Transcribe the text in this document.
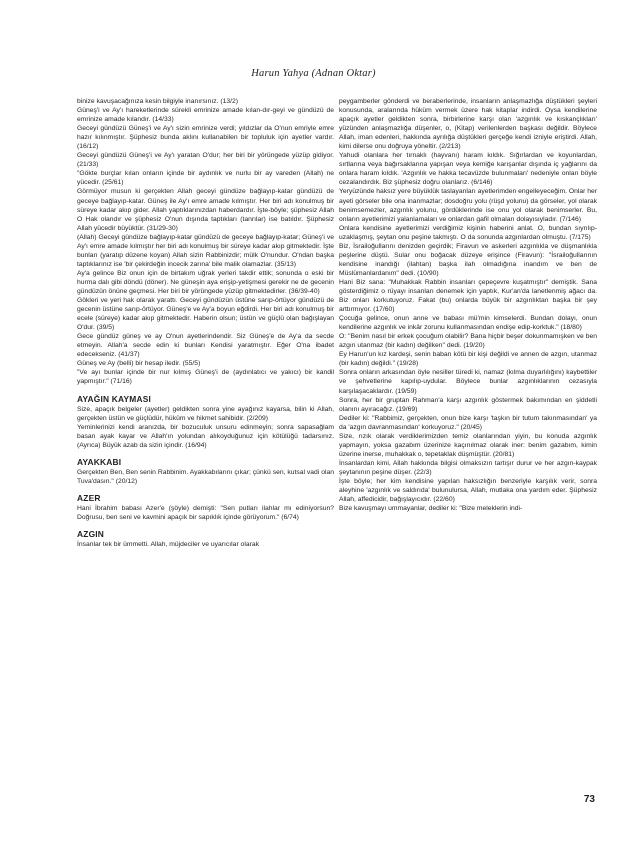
Harun Yahya (Adnan Oktar)

binize kavuşacağınıza kesin bilgiyle inanırsınız. (13/2)

Güneş'i ve Ay'ı hareketlerinde sürekli emrinize amade kılan-dır-geyi ve gündüzü de emrinize amade kılandır. (14/33)

Geceyi gündüzü Güneş'i ve Ay'ı sizin emrinize verdi; yıldızlar da O'nun emriyle emre hazır kılınmıştır. Şüphesiz bunda aklını kullanabilen bir topluluk için ayetler vardır. (16/12)

Geceyi gündüzü Güneş'i ve Ay'ı yaratan O'dur; her biri bir yörüngede yüzüp gidiyor. (21/33)

"Gökte burçlar kılan onların içinde bir aydınlık ve nurlu bir ay vareden (Allah) ne yücedir. (25/61)

Görmüyor musun ki gerçekten Allah geceyi gündüze bağlayıp-katar gündüzü de geceye bağlayıp-katar. Güneş ile Ay'ı emre amade kılmıştır. Her biri adı konulmuş bir süreye kadar akıp gider. Allah yaptıklarınızdan haberdardır. İşte-böyle; şüphesiz Allah O Hak olandır ve şüphesiz O'nun dışında taptıkları (tanrılar) ise batıldır. Şüphesiz Allah yücedir büyüktür. (31/29-30)

(Allah) Geceyi gündüze bağlayıp-katar gündüzü de geceye bağlayıp-katar; Güneş'i ve Ay'ı emre amade kılmıştır her biri adı konulmuş bir süreye kadar akıp gitmektedir. İşte bunları (yaratıp düzene koyan) Allah sizin Rabbinizdir; mülk O'nundur. O'ndan başka taptıklarınız ise 'bir çekirdeğin incecik zarına' bile malik olamazlar. (35/13)

Ay'a gelince Biz onun için de birtakım uğrak yerleri takdir ettik; sonunda o eski bir hurma dalı gibi döndü (döner). Ne güneşin aya erişip-yetişmesi gerekir ne de gecenin gündüzün önüne geçmesi. Her biri bir yörüngede yüzüp gitmektedirler. (36/39-40)

Gökleri ve yeri hak olarak yarattı. Geceyi gündüzün üstüne sarıp-örtüyor gündüzü de gecenin üstüne sarıp-örtüyor. Güneş'e ve Ay'a boyun eğdirdi. Her biri adı konulmuş bir ecele (süreye) kadar akıp gitmektedir. Haberin olsun; üstün ve güçlü olan bağışlayan O'dur. (39/5)

Gece gündüz güneş ve ay O'nun ayetlerindendir. Siz Güneş'e de Ay'a da secde etmeyin. Allah'a secde edin ki bunları Kendisi yaratmıştır. Eğer O'na ibadet edecekseniz. (41/37)

Güneş ve Ay (belli) bir hesap iledir. (55/5)

"Ve ayı bunlar içinde bir nur kılmış Güneş'i de (aydınlatıcı ve yakıcı) bir kandil yapmıştır." (71/16)

AYAĞIN KAYMASI

Size, apaçık belgeler (ayetler) geldikten sonra yine ayağınız kayarsa, bilin ki Allah, gerçekten üstün ve güçlüdür, hüküm ve hikmet sahibidir. (2/209)

Yeminlerinizi kendi aranızda, bir bozuculuk unsuru edinmeyin; sonra sapasağlam basan ayak kayar ve Allah'ın yolundan alıkoyduğunuz için kötülüğü tadarsınız. (Ayrıca) Büyük azab da sizin içindir. (16/94)

AYAKKABI

Gerçekten Ben, Ben senin Rabbinim. Ayakkabılarını çıkar; çünkü sen, kutsal vadi olan Tuva'dasın." (20/12)

AZER

Hani İbrahim babası Azer'e (şöyle) demişti: "Sen putları ilahlar mı ediniyorsun? Doğrusu, ben seni ve kavmini apaçık bir sapıklık içinde görüyorum." (6/74)

AZGIN

İnsanlar tek bir ümmetti. Allah, müjdeciler ve uyarıcılar olarak

peygamberler gönderdi ve beraberlerinde, insanların anlaşmazlığa düştükleri şeyleri konusunda, aralarında hüküm vermek üzere hak kitaplar indirdi. Oysa kendilerine apaçık ayetler geldikten sonra, birbirlerine karşı olan 'azgınlık ve kıskançlıkları' yüzünden anlaşmazlığa düşenler, o, (Kitap) verilenlerden başkası değildir. Böylece Allah, iman edenleri, hakkında ayrılığa düştükleri gerçeğe kendi izniyle eriştirdi. Allah, kimi dilerse onu doğruya yöneltir. (2/213)

Yahudi olanlara her tırnaklı (hayvanı) haram kıldık. Sığırlardan ve koyunlardan, sırtlarına veya bağırsaklarına yapışan veya kemiğe karışanlar dışında iç yağlarını da onlara haram kıldık. 'Azgınlık ve hakka tecavüzde bulunmaları' nedeniyle onları böyle cezalandırdık. Biz şüphesiz doğru olanlarız. (6/146)

Yeryüzünde haksız yere büyüklük taslayanları ayetlerimden engelleyeceğim. Onlar her ayeti görseler bile ona inanmazlar; dosdoğru yolu (rüşd yolunu) da görseler, yol olarak benimsemezler, azgınlık yolunu, gördüklerinde ise onu yol olarak benimserler. Bu, onların ayetlerimizi yalanlamaları ve onlardan gafil olmaları dolayısıyladır. (7/146)

Onlara kendisine ayetlerimizi verdiğimiz kişinin haberini anlat. O, bundan sıyrılıp-uzaklaşmış, şeytan onu peşine takmıştı. O da sonunda azgınlardan olmuştu. (7/175)

Biz, İsrailoğullarını denizden geçirdik; Firavun ve askerleri azgınlıkla ve düşmanlıkla peşlerine düştü. Sular onu boğacak düzeye erişince (Firavun): "İsrailoğullarının kendisine inandığı (ilahtan) başka ilah olmadığına inandım ve ben de Müslümanlardanım" dedi. (10/90)

Hani Biz sana: "Muhakkak Rabbin insanları çepeçevre kuşatmıştır" demiştik. Sana gösterdiğimiz o rüyayı insanları denemek için yaptık, Kur'an'da lanetlenmiş ağacı da. Biz onları korkutuyoruz. Fakat (bu) onlarda büyük bir azgınlıktan başka bir şey arttırmıyor. (17/60)

Çocuğa gelince, onun anne ve babası mü'min kimselerdi. Bundan dolayı, onun kendilerine azgınlık ve inkâr zorunu kullanmasından endişe edip-korktuk." (18/80)

O: "Benim nasıl bir erkek çocuğum olabilir? Bana hiçbir beşer dokunmamışken ve ben azgın utanmaz (bir kadın) değilken" dedi. (19/20)

Ey Harun'un kız kardeşi, senin baban kötü bir kişi değildi ve annen de azgın, utanmaz (bir kadın) değildi." (19/28)

Sonra onların arkasından öyle nesiller türedi ki, namaz (kılma duyarlılığını) kaybettiler ve şehvetlerine kapılıp-uydular. Böylece bunlar azgınlıklarının cezasıyla karşılaşacaklardır. (19/59)

Sonra, her bir gruptan Rahman'a karşı azgınlık göstermek bakımından en şiddetli olanını ayıracağız. (19/69)

Dediler ki: "Rabbimiz, gerçekten, onun bize karşı 'taşkın bir tutum takınmasından' ya da 'azgın davranmasından' korkuyoruz." (20/45)

Size, rızık olarak verdiklerimizden temiz olanlarından yiyin, bu konuda azgınlık yapmayın, yoksa gazabım üzerinize kaçınılmaz olarak iner: benim gazabım, kimin üzerine inerse, muhakkak o, tepetaklak düşmüştür. (20/81)

İnsanlardan kimi, Allah hakkında bilgisi olmaksızın tartışır durur ve her azgın-kaypak şeytanının peşine düşer. (22/3)

İşte böyle; her kim kendisine yapılan haksızlığın benzeriyle karşılık verir, sonra aleyhine 'azgınlık ve saldırıda' bulunulursa, Allah, mutlaka ona yardım eder. Şüphesiz Allah, affedicidir, bağışlayıcıdır. (22/60)

Bize kavuşmayı ummayanlar, dediler ki: "Bize meleklerin indi-

73
